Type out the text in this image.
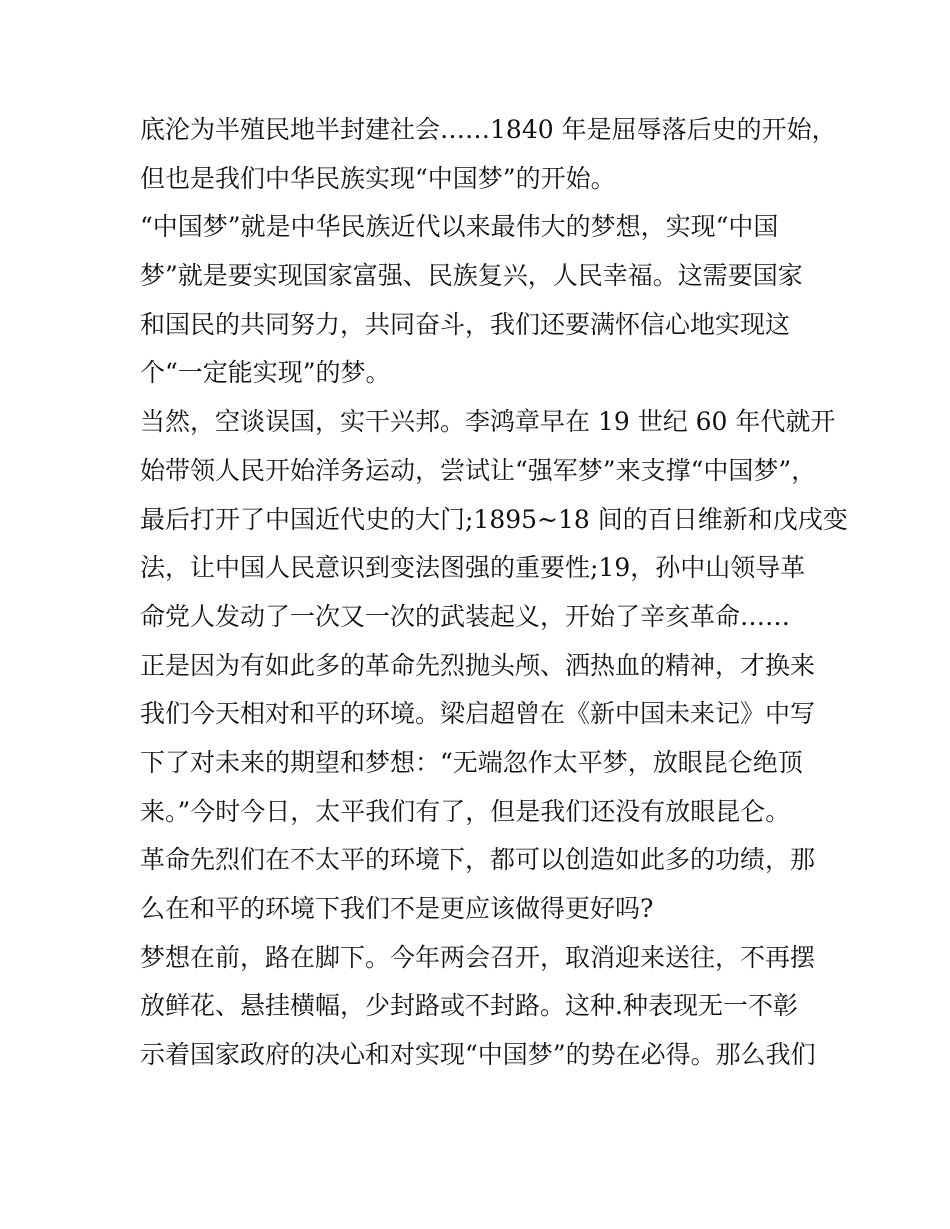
底沦为半殖民地半封建社会……1840 年是屈辱落后史的开始，
但也是我们中华民族实现“中国梦”的开始。
“中国梦”就是中华民族近代以来最伟大的梦想，实现“中国
梦”就是要实现国家富强、民族复兴，人民幸福。这需要国家
和国民的共同努力，共同奋斗，我们还要满怀信心地实现这
个“一定能实现”的梦。
当然，空谈误国，实干兴邦。李鸿章早在 19 世纪 60 年代就开
始带领人民开始洋务运动，尝试让“强军梦”来支撑“中国梦”，
最后打开了中国近代史的大门;1895~18 间的百日维新和戊戌变
法，让中国人民意识到变法图强的重要性;19，孙中山领导革
命党人发动了一次又一次的武装起义，开始了辛亥革命……
正是因为有如此多的革命先烈抛头颅、洒热血的精神，才换来
我们今天相对和平的环境。梁启超曾在《新中国未来记》中写
下了对未来的期望和梦想：“无端忽作太平梦，放眼昆仑绝顶
来。”今时今日，太平我们有了，但是我们还没有放眼昆仑。
革命先烈们在不太平的环境下，都可以创造如此多的功绩，那
么在和平的环境下我们不是更应该做得更好吗?
梦想在前，路在脚下。今年两会召开，取消迎来送往，不再摆
放鲜花、悬挂横幅，少封路或不封路。这种.种表现无一不彰
示着国家政府的决心和对实现“中国梦”的势在必得。那么我们
